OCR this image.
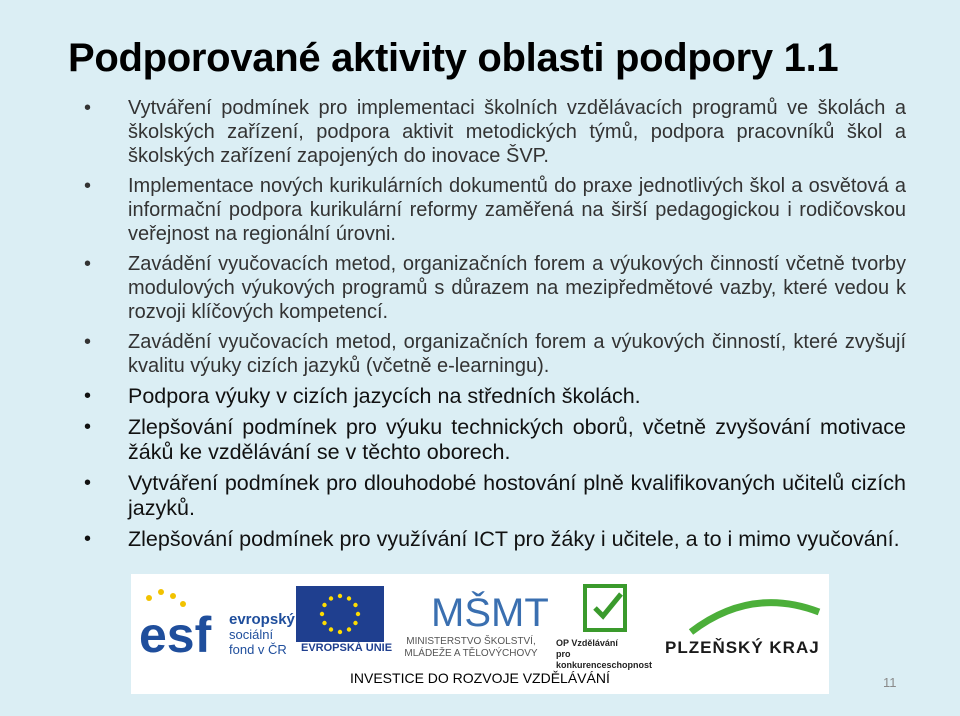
Podporované aktivity oblasti podpory 1.1
• Vytváření podmínek pro implementaci školních vzdělávacích programů ve školách a školských zařízení, podpora aktivit metodických týmů, podpora pracovníků škol a školských zařízení zapojených do inovace ŠVP.
• Implementace nových kurikulárních dokumentů do praxe jednotlivých škol a osvětová a informační podpora kurikulární reformy zaměřená na širší pedagogickou i rodičovskou veřejnost na regionální úrovni.
• Zavádění vyučovacích metod, organizačních forem a výukových činností včetně tvorby modulových výukových programů s důrazem na mezipředmětové vazby, které vedou k rozvoji klíčových kompetencí.
• Zavádění vyučovacích metod, organizačních forem a výukových činností, které zvyšují kvalitu výuky cizích jazyků (včetně e-learningu).
• Podpora výuky v cizích jazycích na středních školách.
• Zlepšování podmínek pro výuku technických oborů, včetně zvyšování motivace žáků ke vzdělávání se v těchto oborech.
• Vytváření podmínek pro dlouhodobé hostování plně kvalifikovaných učitelů cizích jazyků.
• Zlepšování podmínek pro využívání ICT pro žáky i učitele, a to i mimo vyučování.
esf evropský
sociální
fond v ČR	EVROPSKÁ UNIE
MŠMT
MINISTERSTVO ŠKOLSTVÍ,
MLÁDEŽE A TĚLOVÝCHOVY
OP Vzdělávání
pro konkurenceschopnost
PLZEŇSKÝ KRAJ
INVESTICE DO ROZVOJE VZDĚLÁVÁNÍ	11
